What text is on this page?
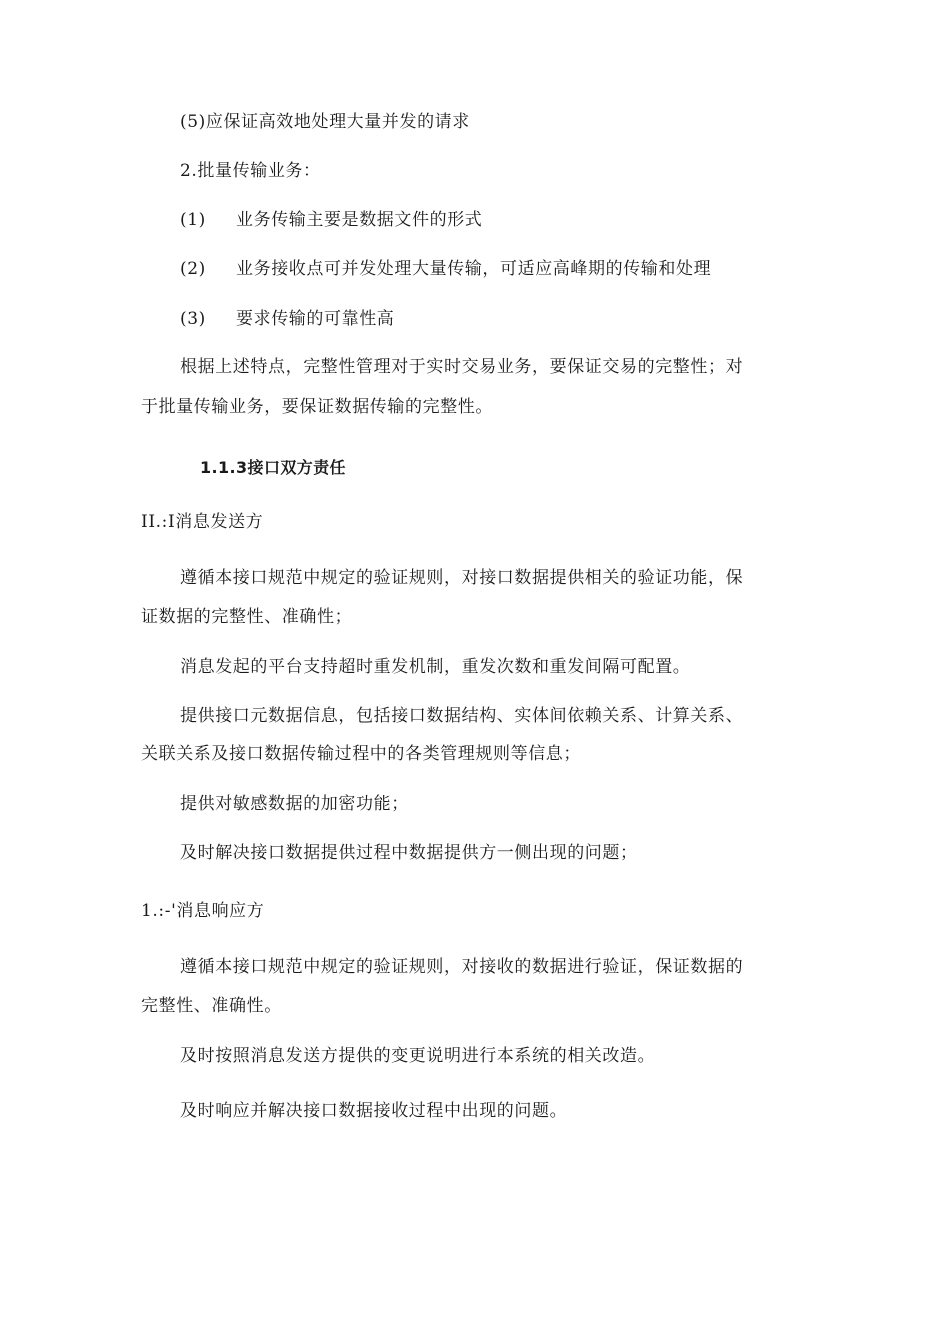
(5)应保证高效地处理大量并发的请求
2.批量传输业务：
(1) 业务传输主要是数据文件的形式
(2) 业务接收点可并发处理大量传输，可适应高峰期的传输和处理
(3) 要求传输的可靠性高
根据上述特点，完整性管理对于实时交易业务，要保证交易的完整性；对
于批量传输业务，要保证数据传输的完整性。
1.1.3接口双方责任
II.:I消息发送方
遵循本接口规范中规定的验证规则，对接口数据提供相关的验证功能，保
证数据的完整性、准确性；
消息发起的平台支持超时重发机制，重发次数和重发间隔可配置。
提供接口元数据信息，包括接口数据结构、实体间依赖关系、计算关系、
关联关系及接口数据传输过程中的各类管理规则等信息；
提供对敏感数据的加密功能；
及时解决接口数据提供过程中数据提供方一侧出现的问题；
1.:-'消息响应方
遵循本接口规范中规定的验证规则，对接收的数据进行验证，保证数据的
完整性、准确性。
及时按照消息发送方提供的变更说明进行本系统的相关改造。
及时响应并解决接口数据接收过程中出现的问题。
